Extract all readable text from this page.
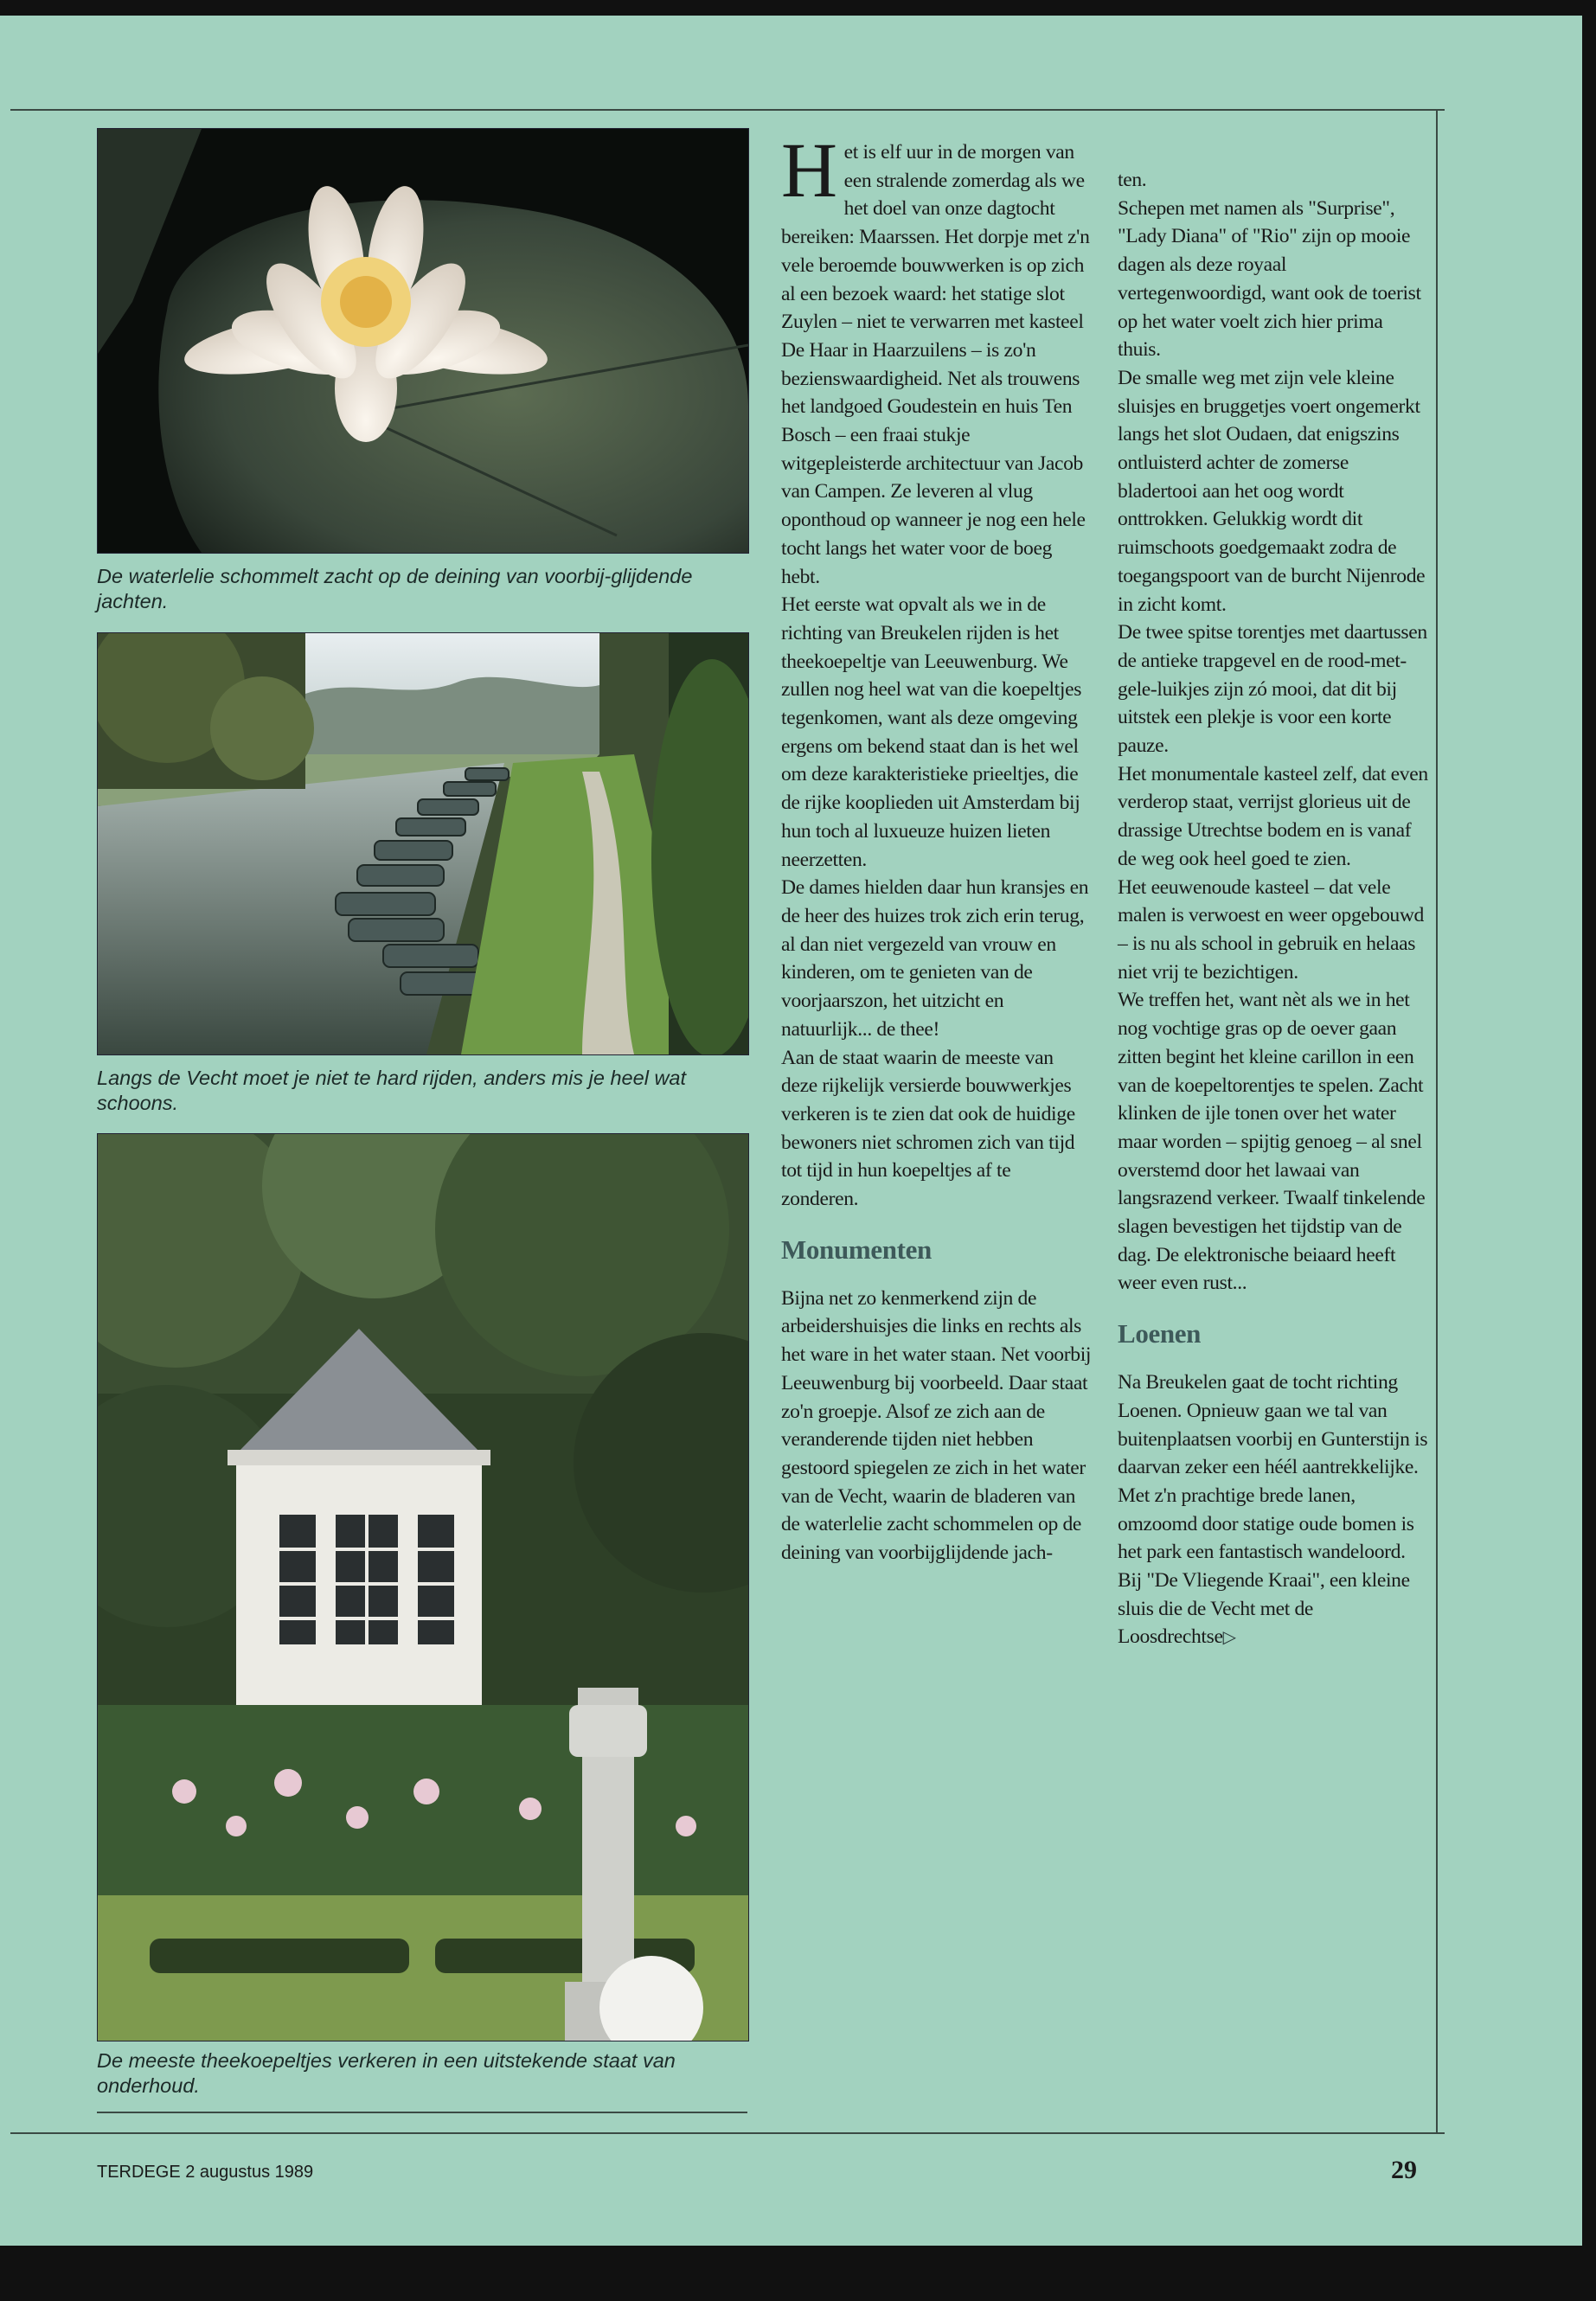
De waterlelie schommelt zacht op de deining van voorbij-glijdende jachten.
Langs de Vecht moet je niet te hard rijden, anders mis je heel wat schoons.
De meeste theekoepeltjes verkeren in een uitstekende staat van onderhoud.

Het is elf uur in de morgen van een stralende zomerdag als we het doel van onze dagtocht bereiken: Maarssen. Het dorpje met z'n vele beroemde bouwwerken is op zich al een bezoek waard: het statige slot Zuylen – niet te verwarren met kasteel De Haar in Haarzuilens – is zo'n bezienswaardigheid. Net als trouwens het landgoed Goudestein en huis Ten Bosch – een fraai stukje witgepleisterde architectuur van Jacob van Campen. Ze leveren al vlug oponthoud op wanneer je nog een hele tocht langs het water voor de boeg hebt.

Het eerste wat opvalt als we in de richting van Breukelen rijden is het theekoepeltje van Leeuwenburg. We zullen nog heel wat van die koepeltjes tegenkomen, want als deze omgeving ergens om bekend staat dan is het wel om deze karakteristieke prieeltjes, die de rijke kooplieden uit Amsterdam bij hun toch al luxueuze huizen lieten neerzetten.

De dames hielden daar hun kransjes en de heer des huizes trok zich erin terug, al dan niet vergezeld van vrouw en kinderen, om te genieten van de voorjaarszon, het uitzicht en natuurlijk... de thee!

Aan de staat waarin de meeste van deze rijkelijk versierde bouwwerkjes verkeren is te zien dat ook de huidige bewoners niet schromen zich van tijd tot tijd in hun koepeltjes af te zonderen.

Monumenten

Bijna net zo kenmerkend zijn de arbeidershuisjes die links en rechts als het ware in het water staan. Net voorbij Leeuwenburg bij voorbeeld. Daar staat zo'n groepje. Alsof ze zich aan de veranderende tijden niet hebben gestoord spiegelen ze zich in het water van de Vecht, waarin de bladeren van de waterlelie zacht schommelen op de deining van voorbijglijdende jach-

ten.

Schepen met namen als "Surprise", "Lady Diana" of "Rio" zijn op mooie dagen als deze royaal vertegenwoordigd, want ook de toerist op het water voelt zich hier prima thuis.

De smalle weg met zijn vele kleine sluisjes en bruggetjes voert ongemerkt langs het slot Oudaen, dat enigszins ontluisterd achter de zomerse bladertooi aan het oog wordt onttrokken. Gelukkig wordt dit ruimschoots goedgemaakt zodra de toegangspoort van de burcht Nijenrode in zicht komt.

De twee spitse torentjes met daartussen de antieke trapgevel en de rood-met-gele-luikjes zijn zó mooi, dat dit bij uitstek een plekje is voor een korte pauze.

Het monumentale kasteel zelf, dat even verderop staat, verrijst glorieus uit de drassige Utrechtse bodem en is vanaf de weg ook heel goed te zien.

Het eeuwenoude kasteel – dat vele malen is verwoest en weer opgebouwd – is nu als school in gebruik en helaas niet vrij te bezichtigen.

We treffen het, want nèt als we in het nog vochtige gras op de oever gaan zitten begint het kleine carillon in een van de koepeltorentjes te spelen. Zacht klinken de ijle tonen over het water maar worden – spijtig genoeg – al snel overstemd door het lawaai van langsrazend verkeer. Twaalf tinkelende slagen bevestigen het tijdstip van de dag. De elektronische beiaard heeft weer even rust...

Loenen

Na Breukelen gaat de tocht richting Loenen. Opnieuw gaan we tal van buitenplaatsen voorbij en Gunterstijn is daarvan zeker een héél aantrekkelijke. Met z'n prachtige brede lanen, omzoomd door statige oude bomen is het park een fantastisch wandeloord.

Bij "De Vliegende Kraai", een kleine sluis die de Vecht met de Loosdrechtse▷

TERDEGE 2 augustus 1989	29
